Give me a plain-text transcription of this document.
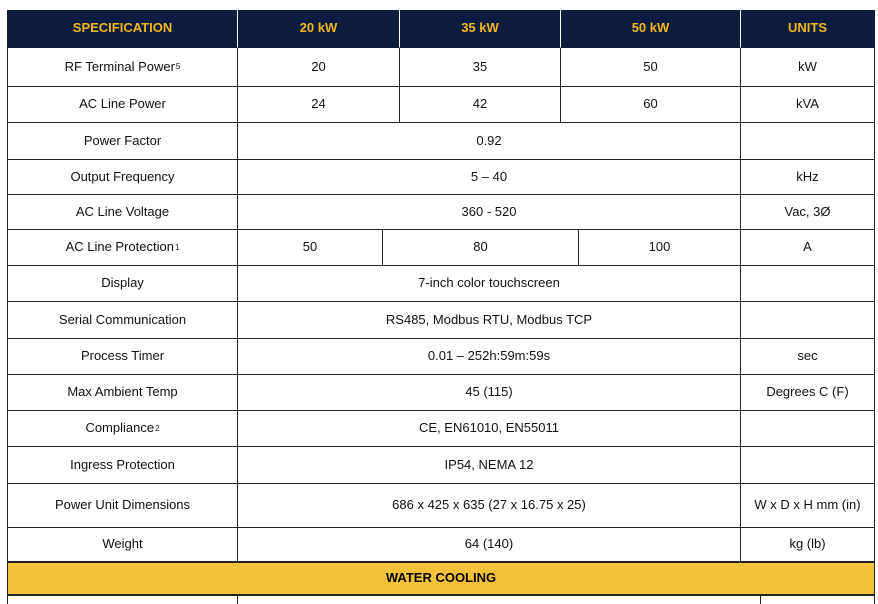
SPECIFICATION	20 kW	35 kW	50 kW	UNITS
RF Terminal Power 5	20	35	50	kW
AC Line Power	24	42	60	kVA
Power Factor	0.92
Output Frequency	5 – 40	kHz
AC Line Voltage	360 - 520	Vac, 3Ø
AC Line Protection 1	50	80	100	A
Display	7-inch color touchscreen
Serial Communication	RS485, Modbus RTU, Modbus TCP
Process Timer	0.01 – 252h:59m:59s	sec
Max Ambient Temp	45 (115)	Degrees C (F)
Compliance 2	CE, EN61010, EN55011
Ingress Protection	IP54, NEMA 12
Power Unit Dimensions	686 x 425 x 635 (27 x 16.75 x 25)	W x D x H mm (in)
Weight	64 (140)	kg (lb)
WATER COOLING
